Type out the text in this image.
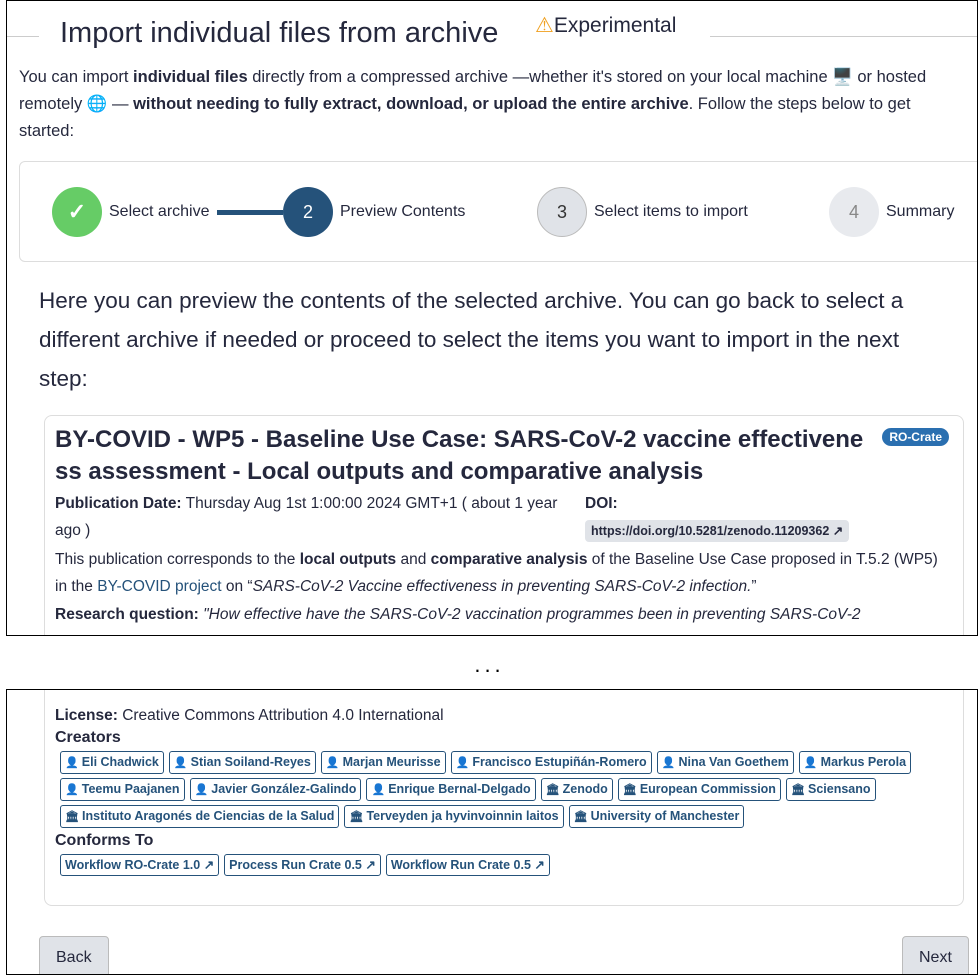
Import individual files from archive ⚠Experimental
You can import individual files directly from a compressed archive —whether it's stored on your local machine 🖥️ or hosted remotely 🌐 — without needing to fully extract, download, or upload the entire archive. Follow the steps below to get started:
✓	Select archive	2	Preview Contents	3	Select items to import	4	Summary
Here you can preview the contents of the selected archive. You can go back to select a different archive if needed or proceed to select the items you want to import in the next step:
BY-COVID - WP5 - Baseline Use Case: SARS-CoV-2 vaccine effectiveness assessment - Local outputs and comparative analysis
RO-Crate
Publication Date: Thursday Aug 1st 1:00:00 2024 GMT+1 ( about 1 year ago )
DOI:
https://doi.org/10.5281/zenodo.11209362 ↗
This publication corresponds to the local outputs and comparative analysis of the Baseline Use Case proposed in T.5.2 (WP5) in the BY-COVID project on “SARS-CoV-2 Vaccine effectiveness in preventing SARS-CoV-2 infection.”
Research question: "How effective have the SARS-CoV-2 vaccination programmes been in preventing SARS-CoV-2
...
License: Creative Commons Attribution 4.0 International
Creators
👤 Eli Chadwick	👤 Stian Soiland-Reyes	👤 Marjan Meurisse	👤 Francisco Estupiñán-Romero	👤 Nina Van Goethem	👤 Markus Perola
👤 Teemu Paajanen	👤 Javier González-Galindo	👤 Enrique Bernal-Delgado	🏛 Zenodo	🏛 European Commission	🏛 Sciensano
🏛 Instituto Aragonés de Ciencias de la Salud	🏛 Terveyden ja hyvinvoinnin laitos	🏛 University of Manchester
Conforms To
Workflow RO-Crate 1.0 ↗	Process Run Crate 0.5 ↗	Workflow Run Crate 0.5 ↗
Back	Next
